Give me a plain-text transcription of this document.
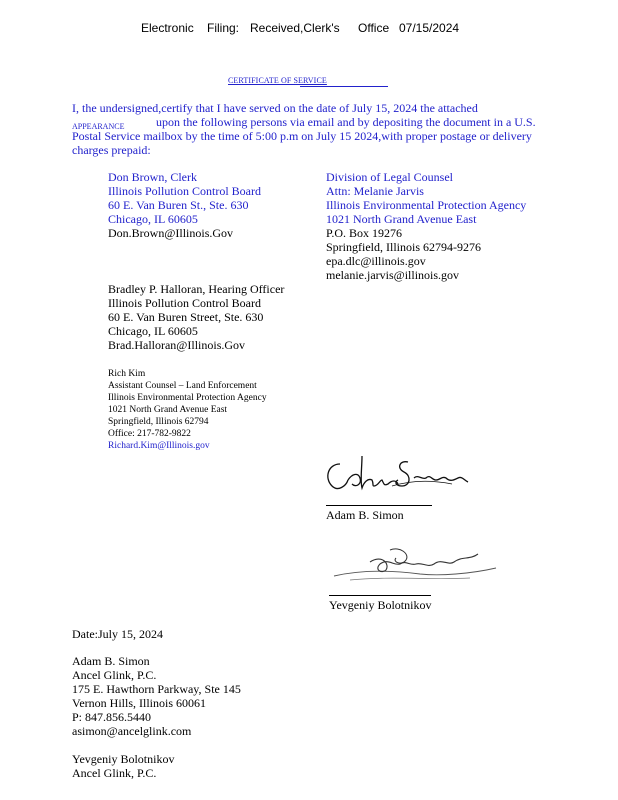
Electronic Filing: Received,Clerk's Office 07/15/2024
CERTIFICATE OF SERVICE
I, the undersigned,certify that I have served on the date of July 15, 2024 the attached
APPEARANCE	upon the following persons via email and by depositing the document in a U.S.
Postal Service mailbox by the time of 5:00 p.m on July 15 2024,with proper postage or delivery
charges prepaid:
Don Brown, Clerk
Illinois Pollution Control Board
60 E. Van Buren St., Ste. 630
Chicago, IL 60605
Don.Brown@Illinois.Gov
Division of Legal Counsel
Attn: Melanie Jarvis
Illinois Environmental Protection Agency
1021 North Grand Avenue East
P.O. Box 19276
Springfield, Illinois 62794-9276
epa.dlc@illinois.gov
melanie.jarvis@illinois.gov
Bradley P. Halloran, Hearing Officer
Illinois Pollution Control Board
60 E. Van Buren Street, Ste. 630
Chicago, IL 60605
Brad.Halloran@Illinois.Gov
Rich Kim
Assistant Counsel – Land Enforcement
Illinois Environmental Protection Agency
1021 North Grand Avenue East
Springfield, Illinois 62794
Office: 217-782-9822
Richard.Kim@Illinois.gov
Adam B. Simon
Yevgeniy Bolotnikov
Date:July 15, 2024
Adam B. Simon
Ancel Glink, P.C.
175 E. Hawthorn Parkway, Ste 145
Vernon Hills, Illinois 60061
P: 847.856.5440
asimon@ancelglink.com
Yevgeniy Bolotnikov
Ancel Glink, P.C.
